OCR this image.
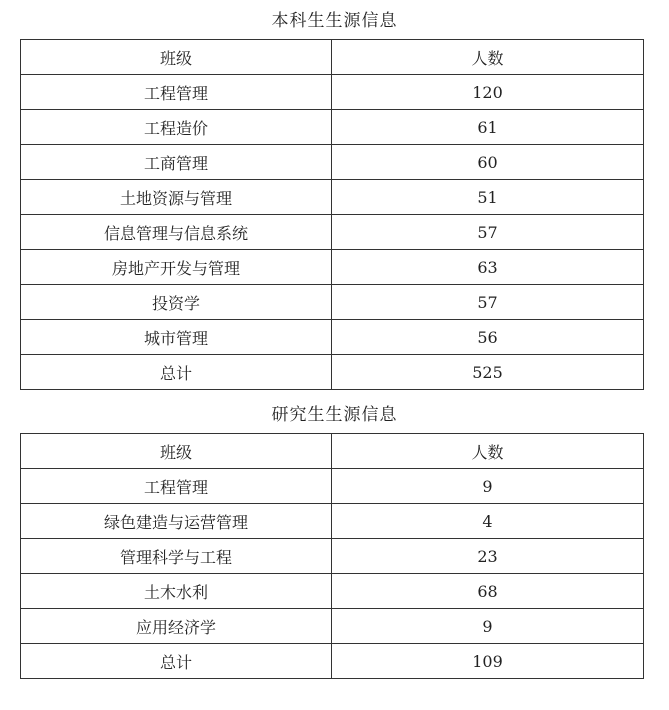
本科生生源信息
班级	人数
工程管理	120
工程造价	61
工商管理	60
土地资源与管理	51
信息管理与信息系统	57
房地产开发与管理	63
投资学	57
城市管理	56
总计	525
研究生生源信息
班级	人数
工程管理	9
绿色建造与运营管理	4
管理科学与工程	23
土木水利	68
应用经济学	9
总计	109
